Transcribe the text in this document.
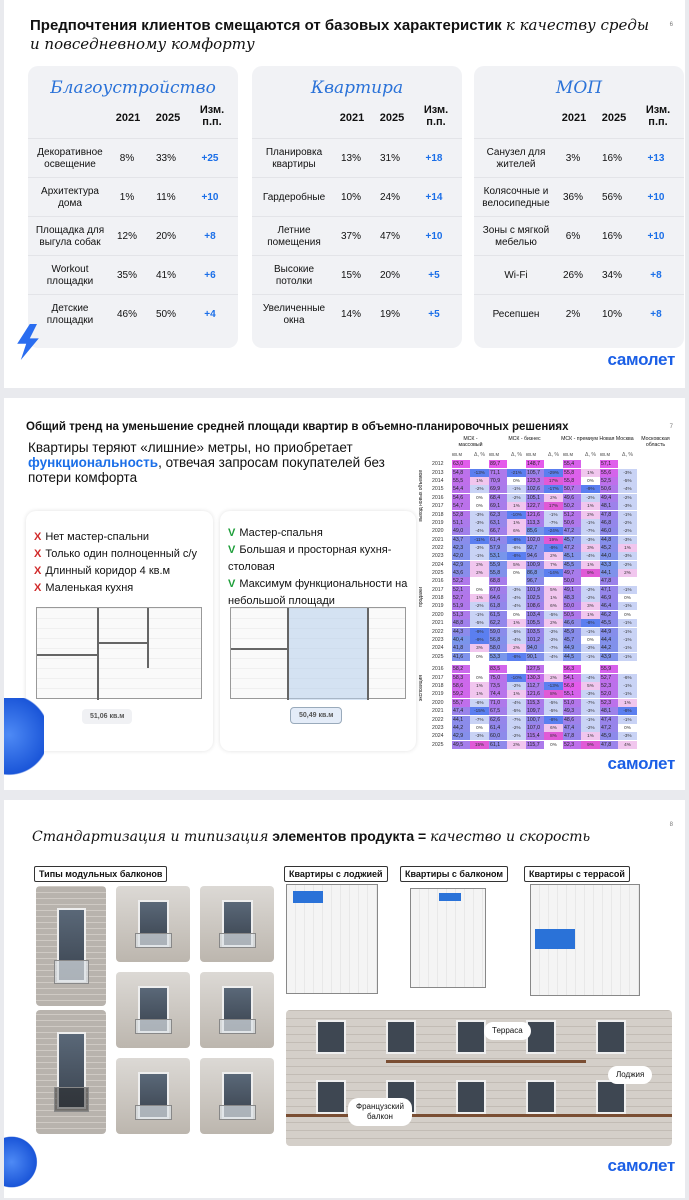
Предпочтения клиентов смещаются от базовых характеристик к качеству среды и повседневному комфорту
6
Благоустройство
2021	2025
Изм. п.п.
Декоративное освещение
8%	33%	+25
Архитектура дома
1%	11%	+10
Площадка для выгула собак
12%	20%	+8
Workout площадки
35%	41%	+6
Детские площадки
46%	50%	+4
Квартира
2021	2025
Изм. п.п.
Планировка квартиры
13%	31%	+18
Гардеробные	10%	24%	+14
Летние помещения
37%	47%	+10
Высокие потолки
15%	20%	+5
Увеличенные окна
14%	19%	+5
МОП
2021	2025
Изм. п.п.
Санузел для жителей
3%	16%	+13
Колясочные и велосипедные
36%	56%	+10
Зоны с мягкой мебелью
6%	16%	+10
Wi-Fi	26%	34%	+8
Ресепшен	2%	10%	+8
самолет
Общий тренд на уменьшение средней площади квартир в объемно-планировочных решениях	7
Квартиры теряют «лишние» метры, но приобретает функциональность, отвечая запросам покупателей без потери комфорта
X Нет мастер-спальни
X Только один полноценный с/у
X Длинный коридор 4 кв.м
X Маленькая кухня
51,06 кв.м
V Мастер-спальня
V Большая и просторная кухня-столовая
V Максимум функциональности на небольшой площади
50,49 кв.м
МСК - массовый
МСК - бизнес	МСК - премиум Новая Москва	Московская область
кв.м Δ, % кв.м Δ, % кв.м Δ, % кв.м Δ, % кв.м Δ, %
выход новых объемов
2012	63,0	89,7	148,7	55,4	57,1
2013	54,8	-13% 71,1	-21% 105,7	-29% 55,8	1%	55,6	-3%
2014	55,5	1%	70,9	0%	123,3	17%	55,8	0%	52,5	-5%
2015	54,4	-2%	69,9	-1%	102,6	-17% 50,7	-9%	50,6	-4%
2016	54,6	0%	68,4	-2%	105,1	2%	49,6	-2%	49,4	-2%
2017	54,7	0%	69,1	1%	122,7	17%	50,2	1%	48,1	-3%
2018	52,8	-3%	62,3	-10% 121,6	-1%	51,2	2%	47,8	-1%
2019	51,1	-3%	63,1	1%	113,3	-7%	50,6	-1%	46,8	-2%
2020	49,0	-4%	66,7	6%	85,6	-24% 47,2	-7%	46,0	-2%
2021	43,7	-11%	61,4	-8%	102,0	19%	45,7	-3%	44,8	-3%
2022	42,3	-3%	57,9	-6%	92,7	-9%	47,2	3%	45,2	1%
2023	42,0	-1%	53,1	-8%	94,6	2%	45,1	-4%	44,0	-3%
2024	42,9	2%	55,9	5%	100,9	7%	45,5	1%	43,3	-2%
2025	43,6	2%	55,8	0%	86,8	-14% 49,7	9%	44,1	2%
продажи
2016	52,2	68,8	96,7	50,0	47,8
2017	52,1	0%	67,0	-3%	101,9	5%	49,1	-2%	47,1	-1%
2018	52,7	1%	64,6	-4%	102,5	1%	48,3	-2%	46,9	0%
2019	51,9	-2%	61,8	-4%	108,6	6%	50,0	3%	46,4	-1%
2020	51,3	-1%	61,5	0%	103,4	-5%	50,5	1%	46,2	0%
2021	48,8	-5%	62,2	1%	105,5	2%	46,6	-8%	45,5	-1%
2022	44,3	-9%	59,0	-5%	103,5	-2%	45,9	-1%	44,9	-1%
2023	40,4	-9%	56,8	-4%	101,2	-2%	45,7	0%	44,4	-1%
2024	41,8	3%	58,0	2%	94,0	-7%	44,9	-2%	44,2	-1%
2025	41,6	0%	53,3	-8%	90,1	-4%	44,5	-1%	43,9	-1%
экспозиция
2016	58,2	83,5	127,5	56,3	55,9
2017	58,3	0%	75,0	-10% 130,3	2%	54,1	-4%	52,7	-6%
2018	58,6	1%	73,5	-2%	112,7	-13% 56,8	5%	52,3	-1%
2019	59,2	1%	74,4	1%	121,6	8%	55,1	-3%	52,0	-1%
2020	55,7	-6%	71,0	-4%	115,3	-5%	51,0	-7%	52,3	1%
2021	47,4	-15% 67,5	-5%	109,7	-5%	49,3	-3%	48,1	-8%
2022	44,1	-7%	62,6	-7%	100,7	-8%	48,6	-1%	47,4	-1%
2023	44,2	0%	61,4	-2%	107,0	6%	47,4	-2%	47,2	0%
2024	42,9	-3%	60,0	-2%	115,4	8%	47,8	1%	45,9	-3%
2025	49,5	15%	61,1	2%	115,7	0%	52,3	9%	47,8	4%
самолет
Стандартизация и типизация элементов продукта = качество и скорость
8
Типы модульных балконов	Квартиры с лоджией	Квартиры с балконом	Квартиры с террасой
Терраса
Лоджия
Французский балкон
самолет
